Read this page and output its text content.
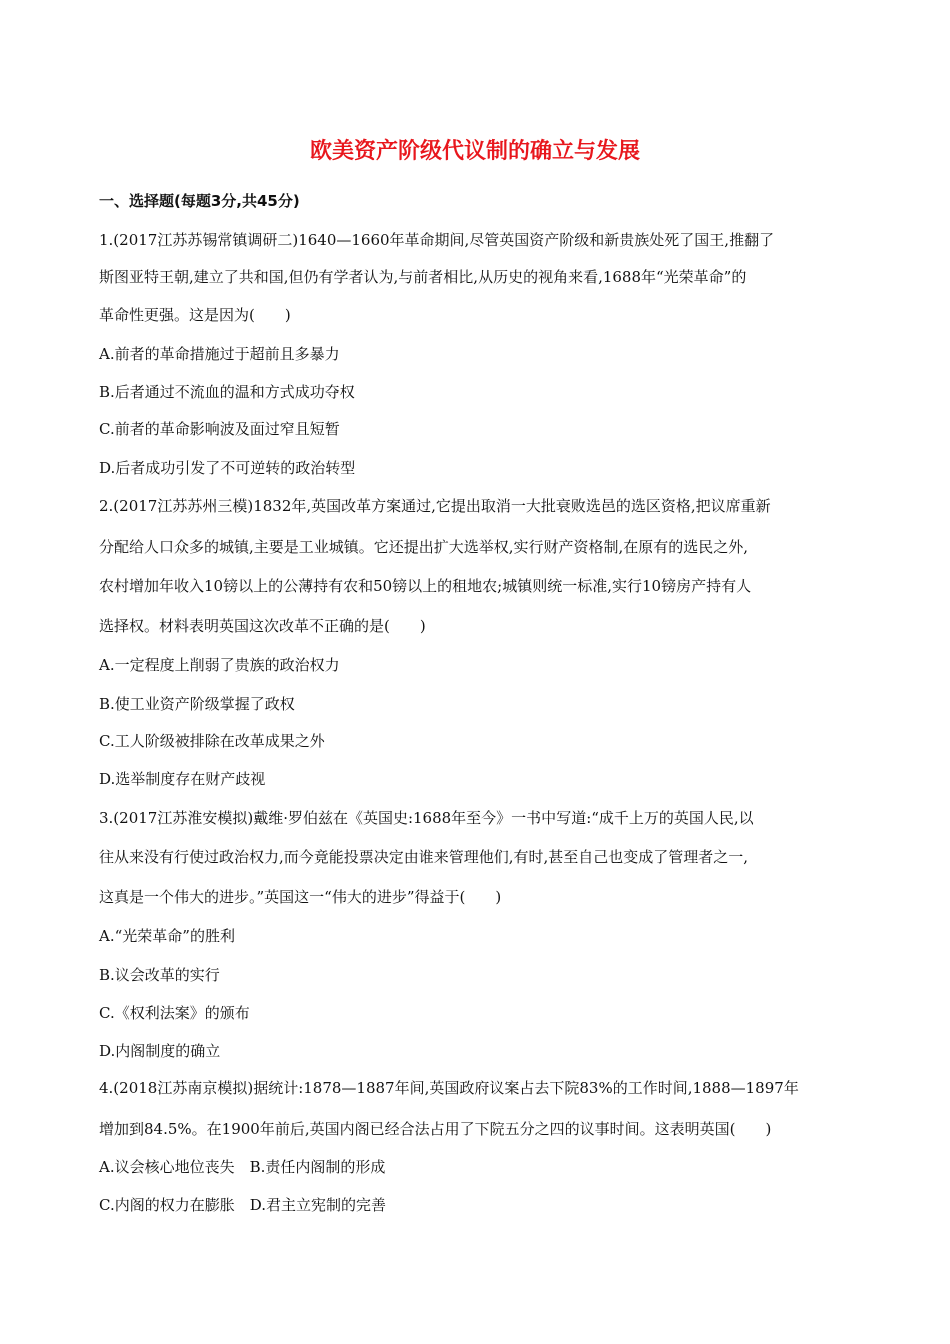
欧美资产阶级代议制的确立与发展
一、选择题(每题3分,共45分)
1.(2017江苏苏锡常镇调研二)1640—1660年革命期间,尽管英国资产阶级和新贵族处死了国王,推翻了
斯图亚特王朝,建立了共和国,但仍有学者认为,与前者相比,从历史的视角来看,1688年“光荣革命”的
革命性更强。这是因为(　　)
A.前者的革命措施过于超前且多暴力
B.后者通过不流血的温和方式成功夺权
C.前者的革命影响波及面过窄且短暂
D.后者成功引发了不可逆转的政治转型
2.(2017江苏苏州三模)1832年,英国改革方案通过,它提出取消一大批衰败选邑的选区资格,把议席重新
分配给人口众多的城镇,主要是工业城镇。它还提出扩大选举权,实行财产资格制,在原有的选民之外,
农村增加年收入10镑以上的公薄持有农和50镑以上的租地农;城镇则统一标准,实行10镑房产持有人
选择权。材料表明英国这次改革不正确的是(　　)
A.一定程度上削弱了贵族的政治权力
B.使工业资产阶级掌握了政权
C.工人阶级被排除在改革成果之外
D.选举制度存在财产歧视
3.(2017江苏淮安模拟)戴维·罗伯兹在《英国史:1688年至今》一书中写道:“成千上万的英国人民,以
往从来没有行使过政治权力,而今竟能投票决定由谁来管理他们,有时,甚至自己也变成了管理者之一,
这真是一个伟大的进步。”英国这一“伟大的进步”得益于(　　)
A.“光荣革命”的胜利
B.议会改革的实行
C.《权利法案》的颁布
D.内阁制度的确立
4.(2018江苏南京模拟)据统计:1878—1887年间,英国政府议案占去下院83%的工作时间,1888—1897年
增加到84.5%。在1900年前后,英国内阁已经合法占用了下院五分之四的议事时间。这表明英国(　　)
A.议会核心地位丧失　B.责任内阁制的形成
C.内阁的权力在膨胀　D.君主立宪制的完善
